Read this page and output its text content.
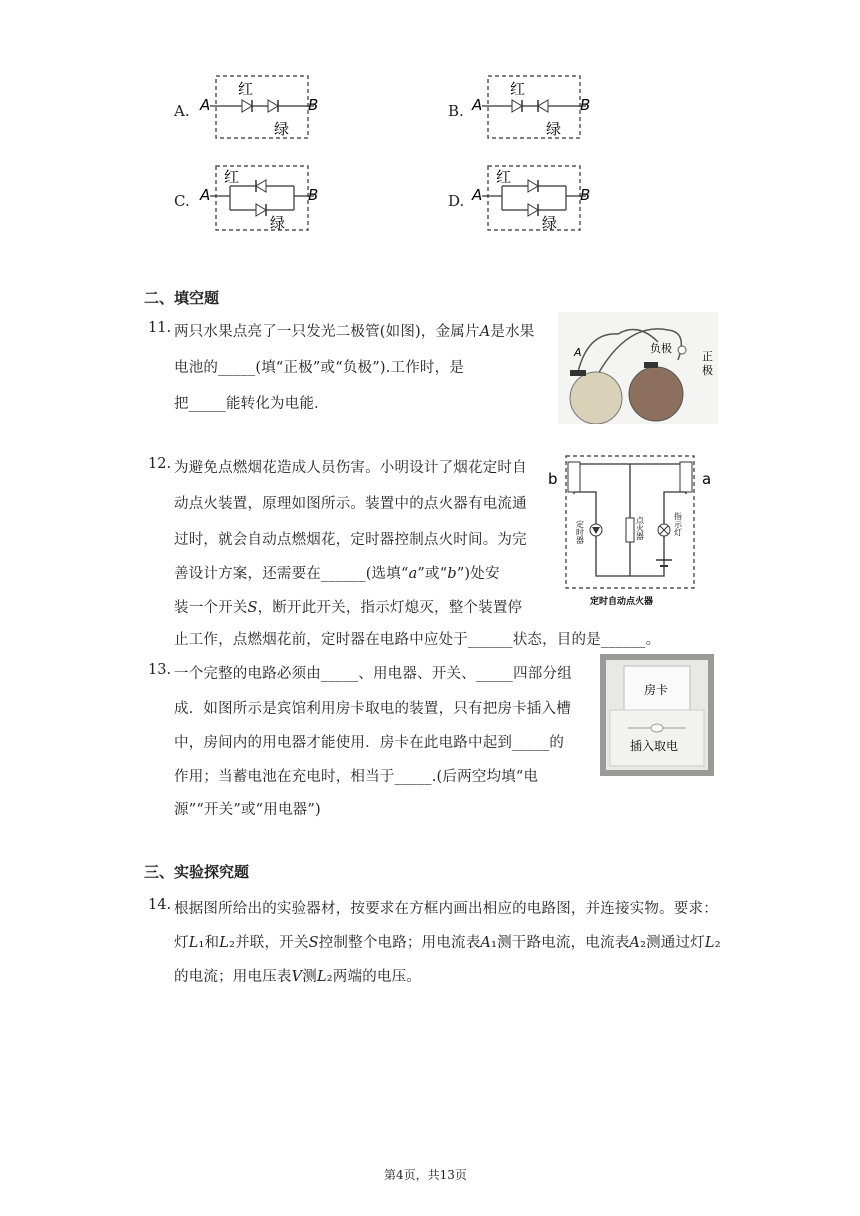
A. A	B
红
绿
B. A	B
红
绿
C. A	B
红
绿
D. A	B
红
绿
二、填空题
11. 两只水果点亮了一只发光二极管(如图)，金属片𝐴是水果
电池的_____(填“正极”或“负极”).工作时，是
把_____能转化为电能．
A	负极
正
极
12. 为避免点燃烟花造成人员伤害。小明设计了烟花定时自
动点火装置，原理如图所示。装置中的点火器有电流通
过时，就会自动点燃烟花，定时器控制点火时间。为完
善设计方案，还需要在______(选填“𝑎”或“𝑏”)处安
装一个开关𝑆，断开此开关，指示灯熄灭，整个装置停
止工作，点燃烟花前，定时器在电路中应处于______状态，目的是______。
b	a
定时器	点火器	指示灯
定时自动点火器
13. 一个完整的电路必须由_____、用电器、开关、_____四部分组
成．如图所示是宾馆利用房卡取电的装置，只有把房卡插入槽
中，房间内的用电器才能使用．房卡在此电路中起到_____的
作用；当蓄电池在充电时，相当于_____.(后两空均填“电
源”“开关”或“用电器”)
房卡
插入取电
三、实验探究题
14. 根据图所给出的实验器材，按要求在方框内画出相应的电路图，并连接实物。要求：
灯𝐿₁和𝐿₂并联，开关𝑆控制整个电路；用电流表𝐴₁测干路电流，电流表𝐴₂测通过灯𝐿₂
的电流；用电压表𝑉测𝐿₂两端的电压。
第4页，共13页
